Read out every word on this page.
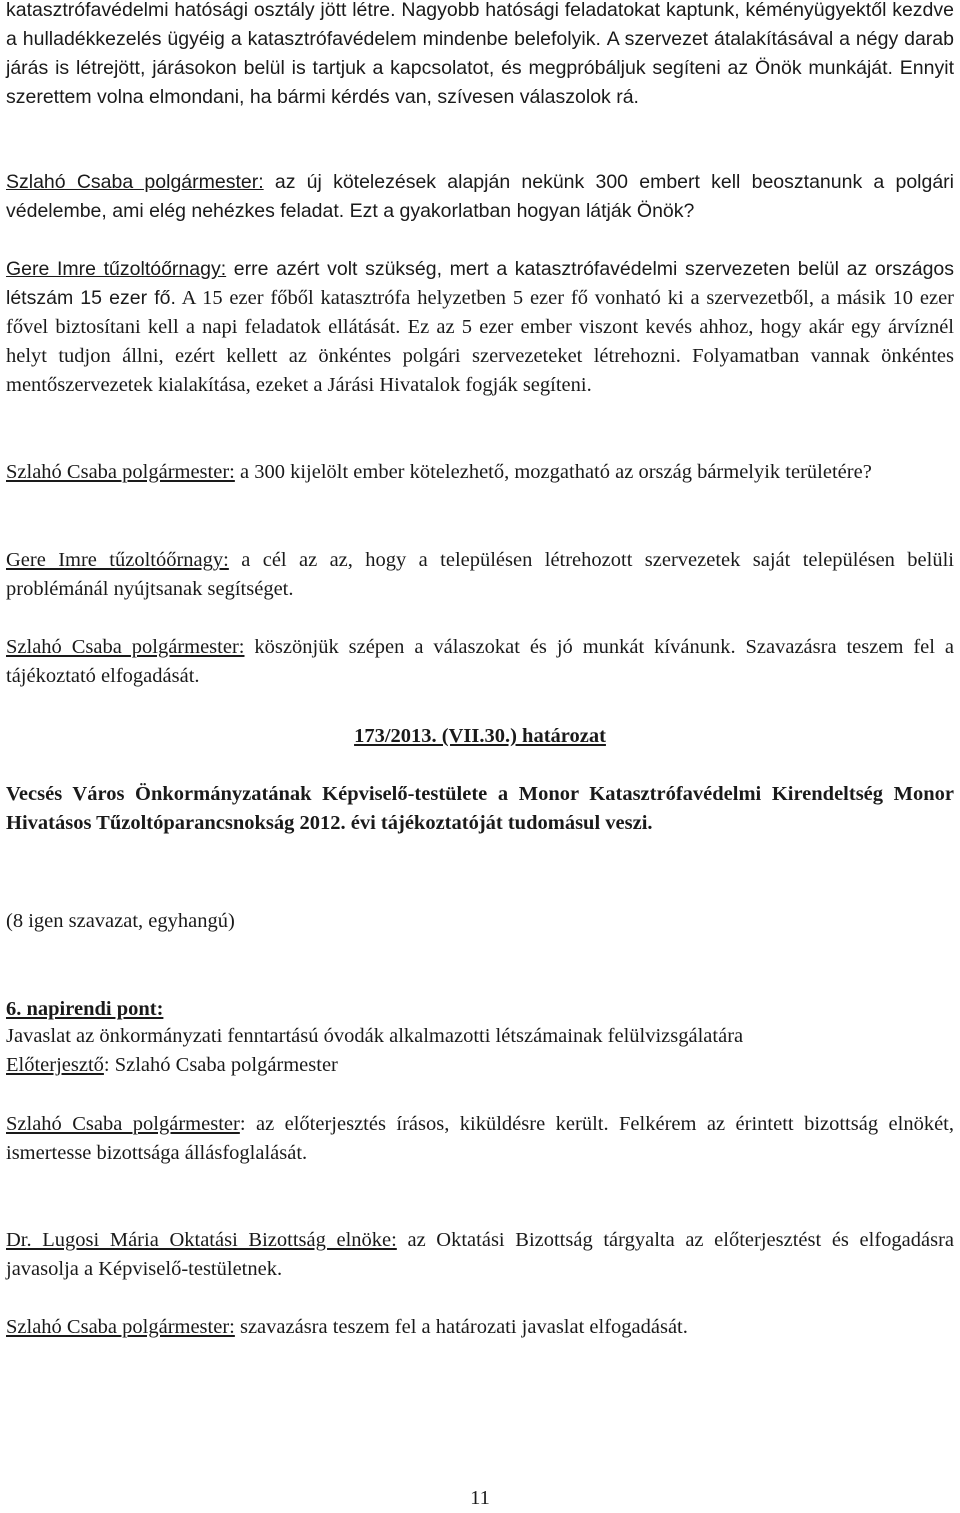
katasztrófavédelmi hatósági osztály jött létre. Nagyobb hatósági feladatokat kaptunk, kéményügyektől kezdve a hulladékkezelés ügyéig a katasztrófavédelem mindenbe belefolyik. A szervezet átalakításával a négy darab járás is létrejött, járásokon belül is tartjuk a kapcsolatot, és megpróbáljuk segíteni az Önök munkáját. Ennyit szerettem volna elmondani, ha bármi kérdés van, szívesen válaszolok rá.

Szlahó Csaba polgármester: az új kötelezések alapján nekünk 300 embert kell beosztanunk a polgári védelembe, ami elég nehézkes feladat. Ezt a gyakorlatban hogyan látják Önök?

Gere Imre tűzoltóőrnagy: erre azért volt szükség, mert a katasztrófavédelmi szervezeten belül az országos létszám 15 ezer fő. A 15 ezer főből katasztrófa helyzetben 5 ezer fő vonható ki a szervezetből, a másik 10 ezer fővel biztosítani kell a napi feladatok ellátását. Ez az 5 ezer ember viszont kevés ahhoz, hogy akár egy árvíznél helyt tudjon állni, ezért kellett az önkéntes polgári szervezeteket létrehozni. Folyamatban vannak önkéntes mentőszervezetek kialakítása, ezeket a Járási Hivatalok fogják segíteni.

Szlahó Csaba polgármester: a 300 kijelölt ember kötelezhető, mozgatható az ország bármelyik területére?

Gere Imre tűzoltóőrnagy: a cél az az, hogy a településen létrehozott szervezetek saját településen belüli problémánál nyújtsanak segítséget.

Szlahó Csaba polgármester: köszönjük szépen a válaszokat és jó munkát kívánunk. Szavazásra teszem fel a tájékoztató elfogadását.

173/2013. (VII.30.) határozat

Vecsés Város Önkormányzatának Képviselő-testülete a Monor Katasztrófavédelmi Kirendeltség Monor Hivatásos Tűzoltóparancsnokság 2012. évi tájékoztatóját tudomásul veszi.

(8 igen szavazat, egyhangú)

6. napirendi pont:

Javaslat az önkormányzati fenntartású óvodák alkalmazotti létszámainak felülvizsgálatára

Előterjesztő: Szlahó Csaba polgármester

Szlahó Csaba polgármester: az előterjesztés írásos, kiküldésre került. Felkérem az érintett bizottság elnökét, ismertesse bizottsága állásfoglalását.

Dr. Lugosi Mária Oktatási Bizottság elnöke: az Oktatási Bizottság tárgyalta az előterjesztést és elfogadásra javasolja a Képviselő-testületnek.

Szlahó Csaba polgármester: szavazásra teszem fel a határozati javaslat elfogadását.

11
